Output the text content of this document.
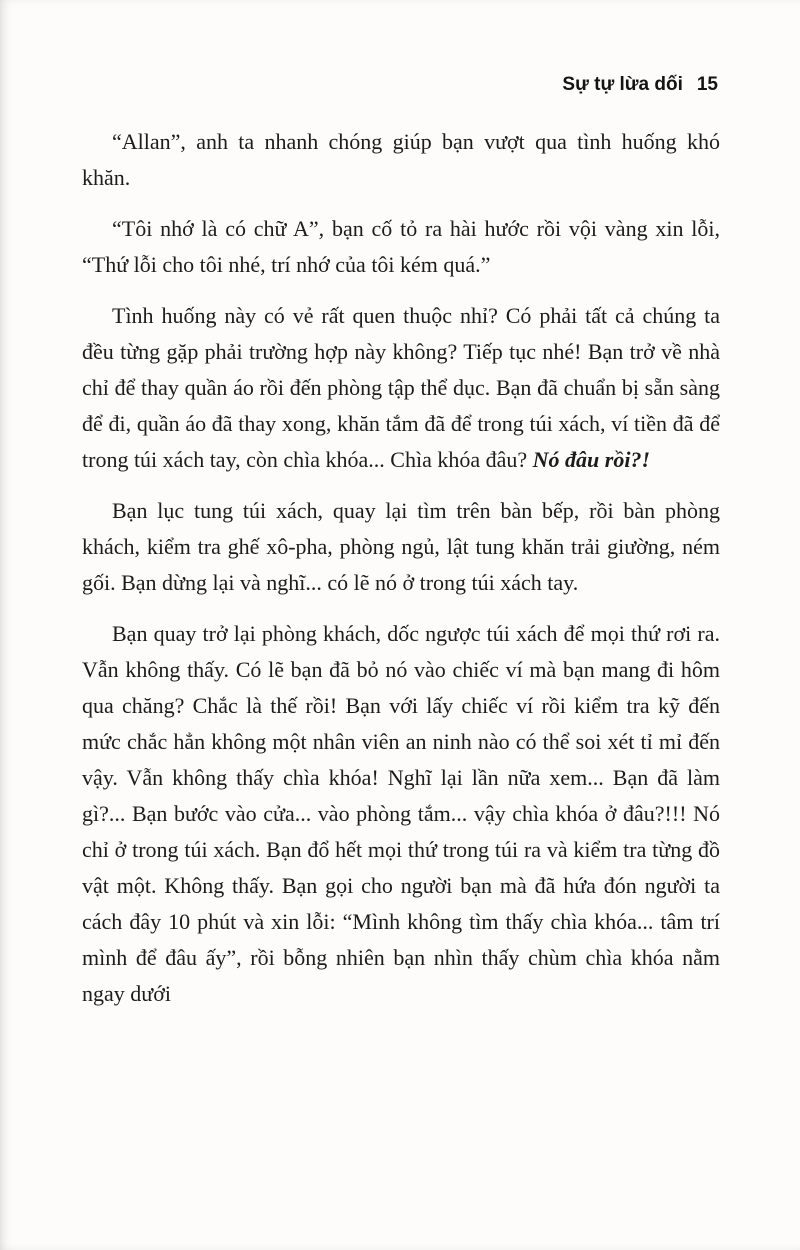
Sự tự lừa dối 15

“Allan”, anh ta nhanh chóng giúp bạn vượt qua tình huống khó khăn.

“Tôi nhớ là có chữ A”, bạn cố tỏ ra hài hước rồi vội vàng xin lỗi, “Thứ lỗi cho tôi nhé, trí nhớ của tôi kém quá.”

Tình huống này có vẻ rất quen thuộc nhỉ? Có phải tất cả chúng ta đều từng gặp phải trường hợp này không? Tiếp tục nhé! Bạn trở về nhà chỉ để thay quần áo rồi đến phòng tập thể dục. Bạn đã chuẩn bị sẵn sàng để đi, quần áo đã thay xong, khăn tắm đã để trong túi xách, ví tiền đã để trong túi xách tay, còn chìa khóa... Chìa khóa đâu? Nó đâu rồi?!

Bạn lục tung túi xách, quay lại tìm trên bàn bếp, rồi bàn phòng khách, kiểm tra ghế xô-pha, phòng ngủ, lật tung khăn trải giường, ném gối. Bạn dừng lại và nghĩ... có lẽ nó ở trong túi xách tay.

Bạn quay trở lại phòng khách, dốc ngược túi xách để mọi thứ rơi ra. Vẫn không thấy. Có lẽ bạn đã bỏ nó vào chiếc ví mà bạn mang đi hôm qua chăng? Chắc là thế rồi! Bạn với lấy chiếc ví rồi kiểm tra kỹ đến mức chắc hẳn không một nhân viên an ninh nào có thể soi xét tỉ mỉ đến vậy. Vẫn không thấy chìa khóa! Nghĩ lại lần nữa xem... Bạn đã làm gì?... Bạn bước vào cửa... vào phòng tắm... vậy chìa khóa ở đâu?!!! Nó chỉ ở trong túi xách. Bạn đổ hết mọi thứ trong túi ra và kiểm tra từng đồ vật một. Không thấy. Bạn gọi cho người bạn mà đã hứa đón người ta cách đây 10 phút và xin lỗi: “Mình không tìm thấy chìa khóa... tâm trí mình để đâu ấy”, rồi bỗng nhiên bạn nhìn thấy chùm chìa khóa nằm ngay dưới
